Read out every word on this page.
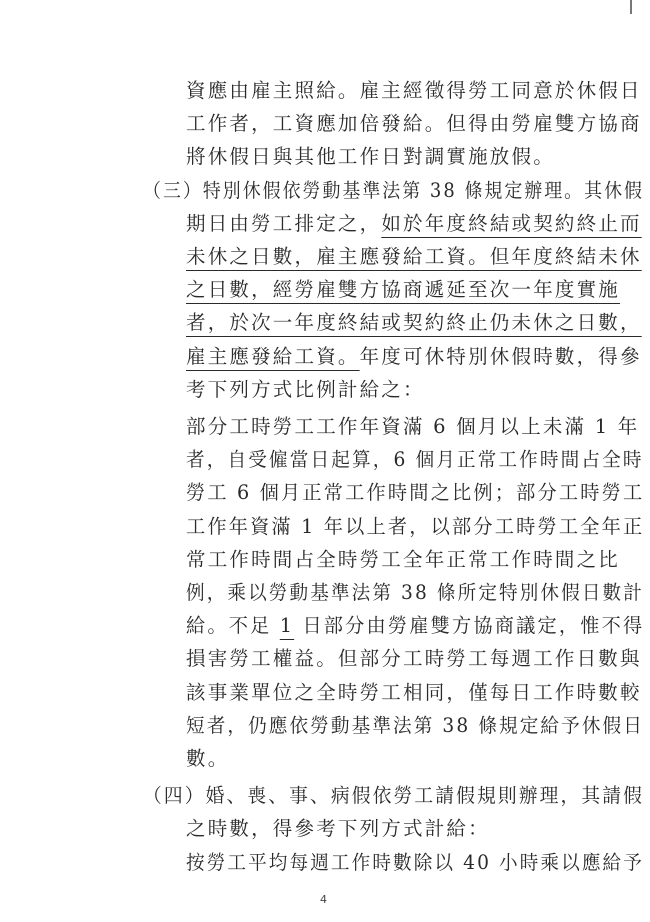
資應由雇主照給。雇主經徵得勞工同意於休假日
工作者，工資應加倍發給。但得由勞雇雙方協商
將休假日與其他工作日對調實施放假。
（三）特別休假依勞動基準法第 38 條規定辦理。其休假
期日由勞工排定之，如於年度終結或契約終止而
未休之日數，雇主應發給工資。但年度終結未休
之日數，經勞雇雙方協商遞延至次一年度實施
者，於次一年度終結或契約終止仍未休之日數，
雇主應發給工資。年度可休特別休假時數，得參
考下列方式比例計給之：
部分工時勞工工作年資滿 6 個月以上未滿 1 年
者，自受僱當日起算，6 個月正常工作時間占全時
勞工 6 個月正常工作時間之比例；部分工時勞工
工作年資滿 1 年以上者，以部分工時勞工全年正
常工作時間占全時勞工全年正常工作時間之比
例，乘以勞動基準法第 38 條所定特別休假日數計
給。不足 1 日部分由勞雇雙方協商議定，惟不得
損害勞工權益。但部分工時勞工每週工作日數與
該事業單位之全時勞工相同，僅每日工作時數較
短者，仍應依勞動基準法第 38 條規定給予休假日
數。
（四）婚、喪、事、病假依勞工請假規則辦理，其請假
之時數，得參考下列方式計給：
按勞工平均每週工作時數除以 40 小時乘以應給予
4
